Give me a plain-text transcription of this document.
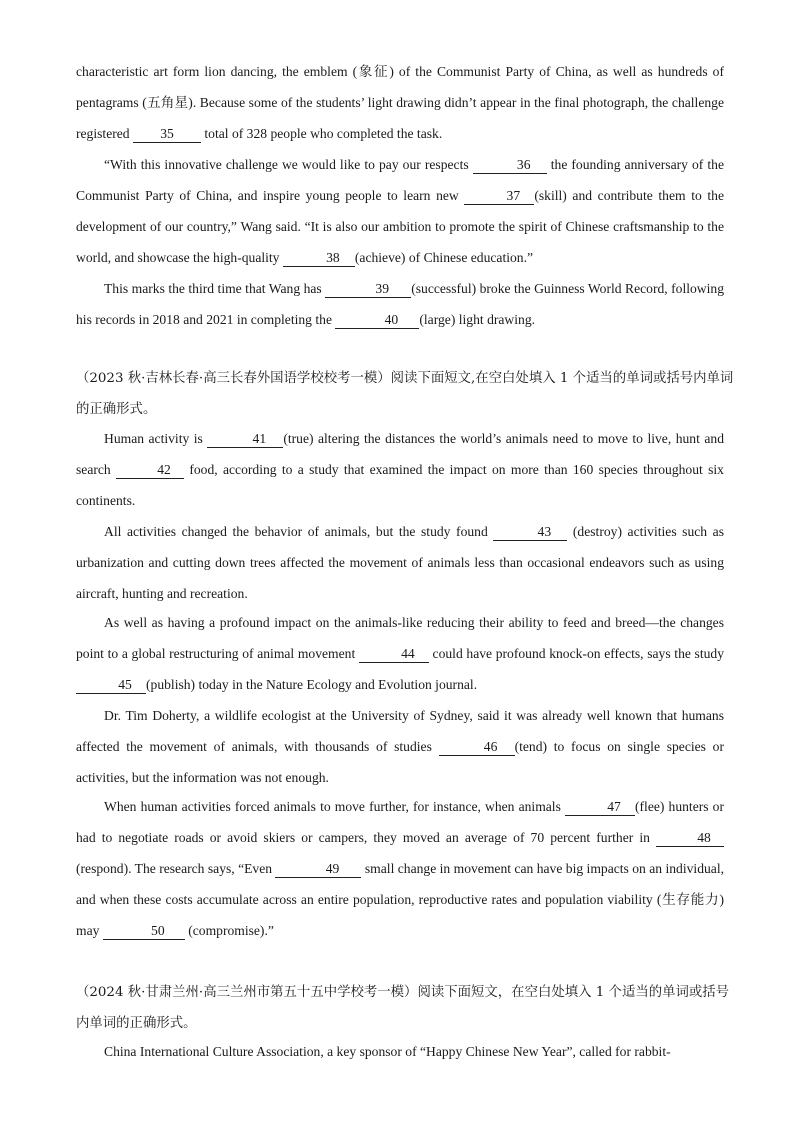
characteristic art form lion dancing, the emblem (象征) of the Communist Party of China, as well as hundreds of pentagrams (五角星). Because some of the students’ light drawing didn’t appear in the final photograph, the challenge registered 35 total of 328 people who completed the task.

“With this innovative challenge we would like to pay our respects	36 the founding anniversary of the Communist Party of China, and inspire young people to learn new	37 (skill) and contribute them to the development of our country,” Wang said. “It is also our ambition to promote the spirit of Chinese craftsmanship to the world, and showcase the high-quality	38 (achieve) of Chinese education.”

This marks the third time that Wang has	39 (successful) broke the Guinness World Record, following his records in 2018 and 2021 in completing the	40 (large) light drawing.

（2023 秋·吉林长春·高三长春外国语学校校考一模）阅读下面短文,在空白处填入 1 个适当的单词或括号内单词的正确形式。

Human activity is	41 (true) altering the distances the world’s animals need to move to live, hunt and search	42 food, according to a study that examined the impact on more than 160 species throughout six continents.

All activities changed the behavior of animals, but the study found	43 (destroy) activities such as urbanization and cutting down trees affected the movement of animals less than occasional endeavors such as using aircraft, hunting and recreation.

As well as having a profound impact on the animals-like reducing their ability to feed and breed—the changes point to a global restructuring of animal movement	44 could have profound knock-on effects, says the study 45 (publish) today in the Nature Ecology and Evolution journal.

Dr. Tim Doherty, a wildlife ecologist at the University of Sydney, said it was already well known that humans affected the movement of animals, with thousands of studies	46 (tend) to focus on single species or activities, but the information was not enough.

When human activities forced animals to move further, for instance, when animals	47 (flee) hunters or had to negotiate roads or avoid skiers or campers, they moved an average of 70 percent further in	48 (respond). The research says, “Even	49 small change in movement can have big impacts on an individual, and when these costs accumulate across an entire population, reproductive rates and population viability (生存能力) may	50 (compromise).”

（2024 秋·甘肃兰州·高三兰州市第五十五中学校考一模）阅读下面短文，在空白处填入 1 个适当的单词或括号内单词的正确形式。

China International Culture Association, a key sponsor of “Happy Chinese New Year”, called for rabbit-
